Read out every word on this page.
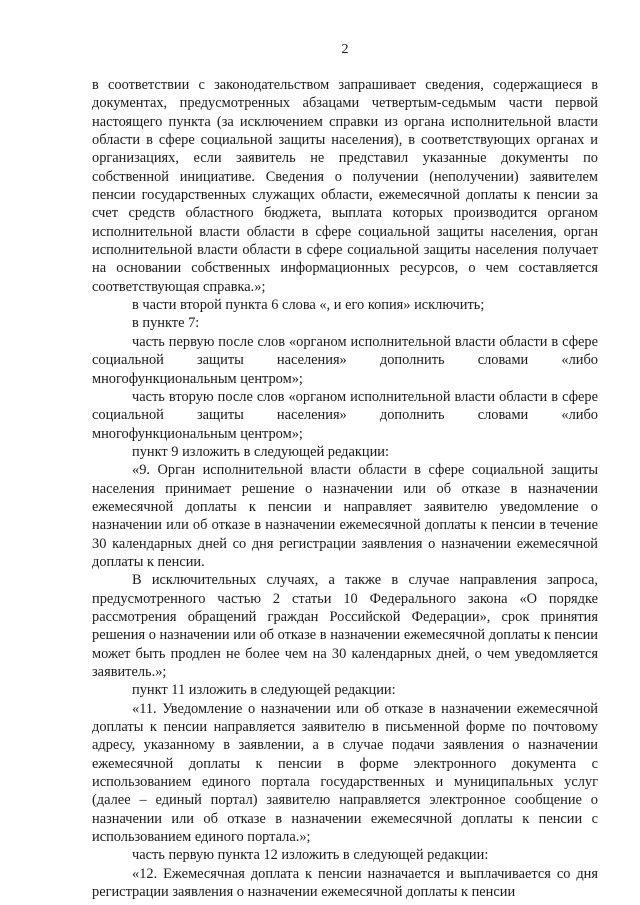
2

в соответствии с законодательством запрашивает сведения, содержащиеся в документах, предусмотренных абзацами четвертым-седьмым части первой настоящего пункта (за исключением справки из органа исполнительной власти области в сфере социальной защиты населения), в соответствующих органах и организациях, если заявитель не представил указанные документы по собственной инициативе. Сведения о получении (неполучении) заявителем пенсии государственных служащих области, ежемесячной доплаты к пенсии за счет средств областного бюджета, выплата которых производится органом исполнительной власти области в сфере социальной защиты населения, орган исполнительной власти области в сфере социальной защиты населения получает на основании собственных информационных ресурсов, о чем составляется соответствующая справка.»;

в части второй пункта 6 слова «, и его копия» исключить;

в пункте 7:

часть первую после слов «органом исполнительной власти области в сфере социальной защиты населения» дополнить словами «либо многофункциональным центром»;

часть вторую после слов «органом исполнительной власти области в сфере социальной защиты населения» дополнить словами «либо многофункциональным центром»;

пункт 9 изложить в следующей редакции:

«9. Орган исполнительной власти области в сфере социальной защиты населения принимает решение о назначении или об отказе в назначении ежемесячной доплаты к пенсии и направляет заявителю уведомление о назначении или об отказе в назначении ежемесячной доплаты к пенсии в течение 30 календарных дней со дня регистрации заявления о назначении ежемесячной доплаты к пенсии.

В исключительных случаях, а также в случае направления запроса, предусмотренного частью 2 статьи 10 Федерального закона «О порядке рассмотрения обращений граждан Российской Федерации», срок принятия решения о назначении или об отказе в назначении ежемесячной доплаты к пенсии может быть продлен не более чем на 30 календарных дней, о чем уведомляется заявитель.»;

пункт 11 изложить в следующей редакции:

«11. Уведомление о назначении или об отказе в назначении ежемесячной доплаты к пенсии направляется заявителю в письменной форме по почтовому адресу, указанному в заявлении, а в случае подачи заявления о назначении ежемесячной доплаты к пенсии в форме электронного документа с использованием единого портала государственных и муниципальных услуг (далее – единый портал) заявителю направляется электронное сообщение о назначении или об отказе в назначении ежемесячной доплаты к пенсии с использованием единого портала.»;

часть первую пункта 12 изложить в следующей редакции:

«12. Ежемесячная доплата к пенсии назначается и выплачивается со дня регистрации заявления о назначении ежемесячной доплаты к пенсии
